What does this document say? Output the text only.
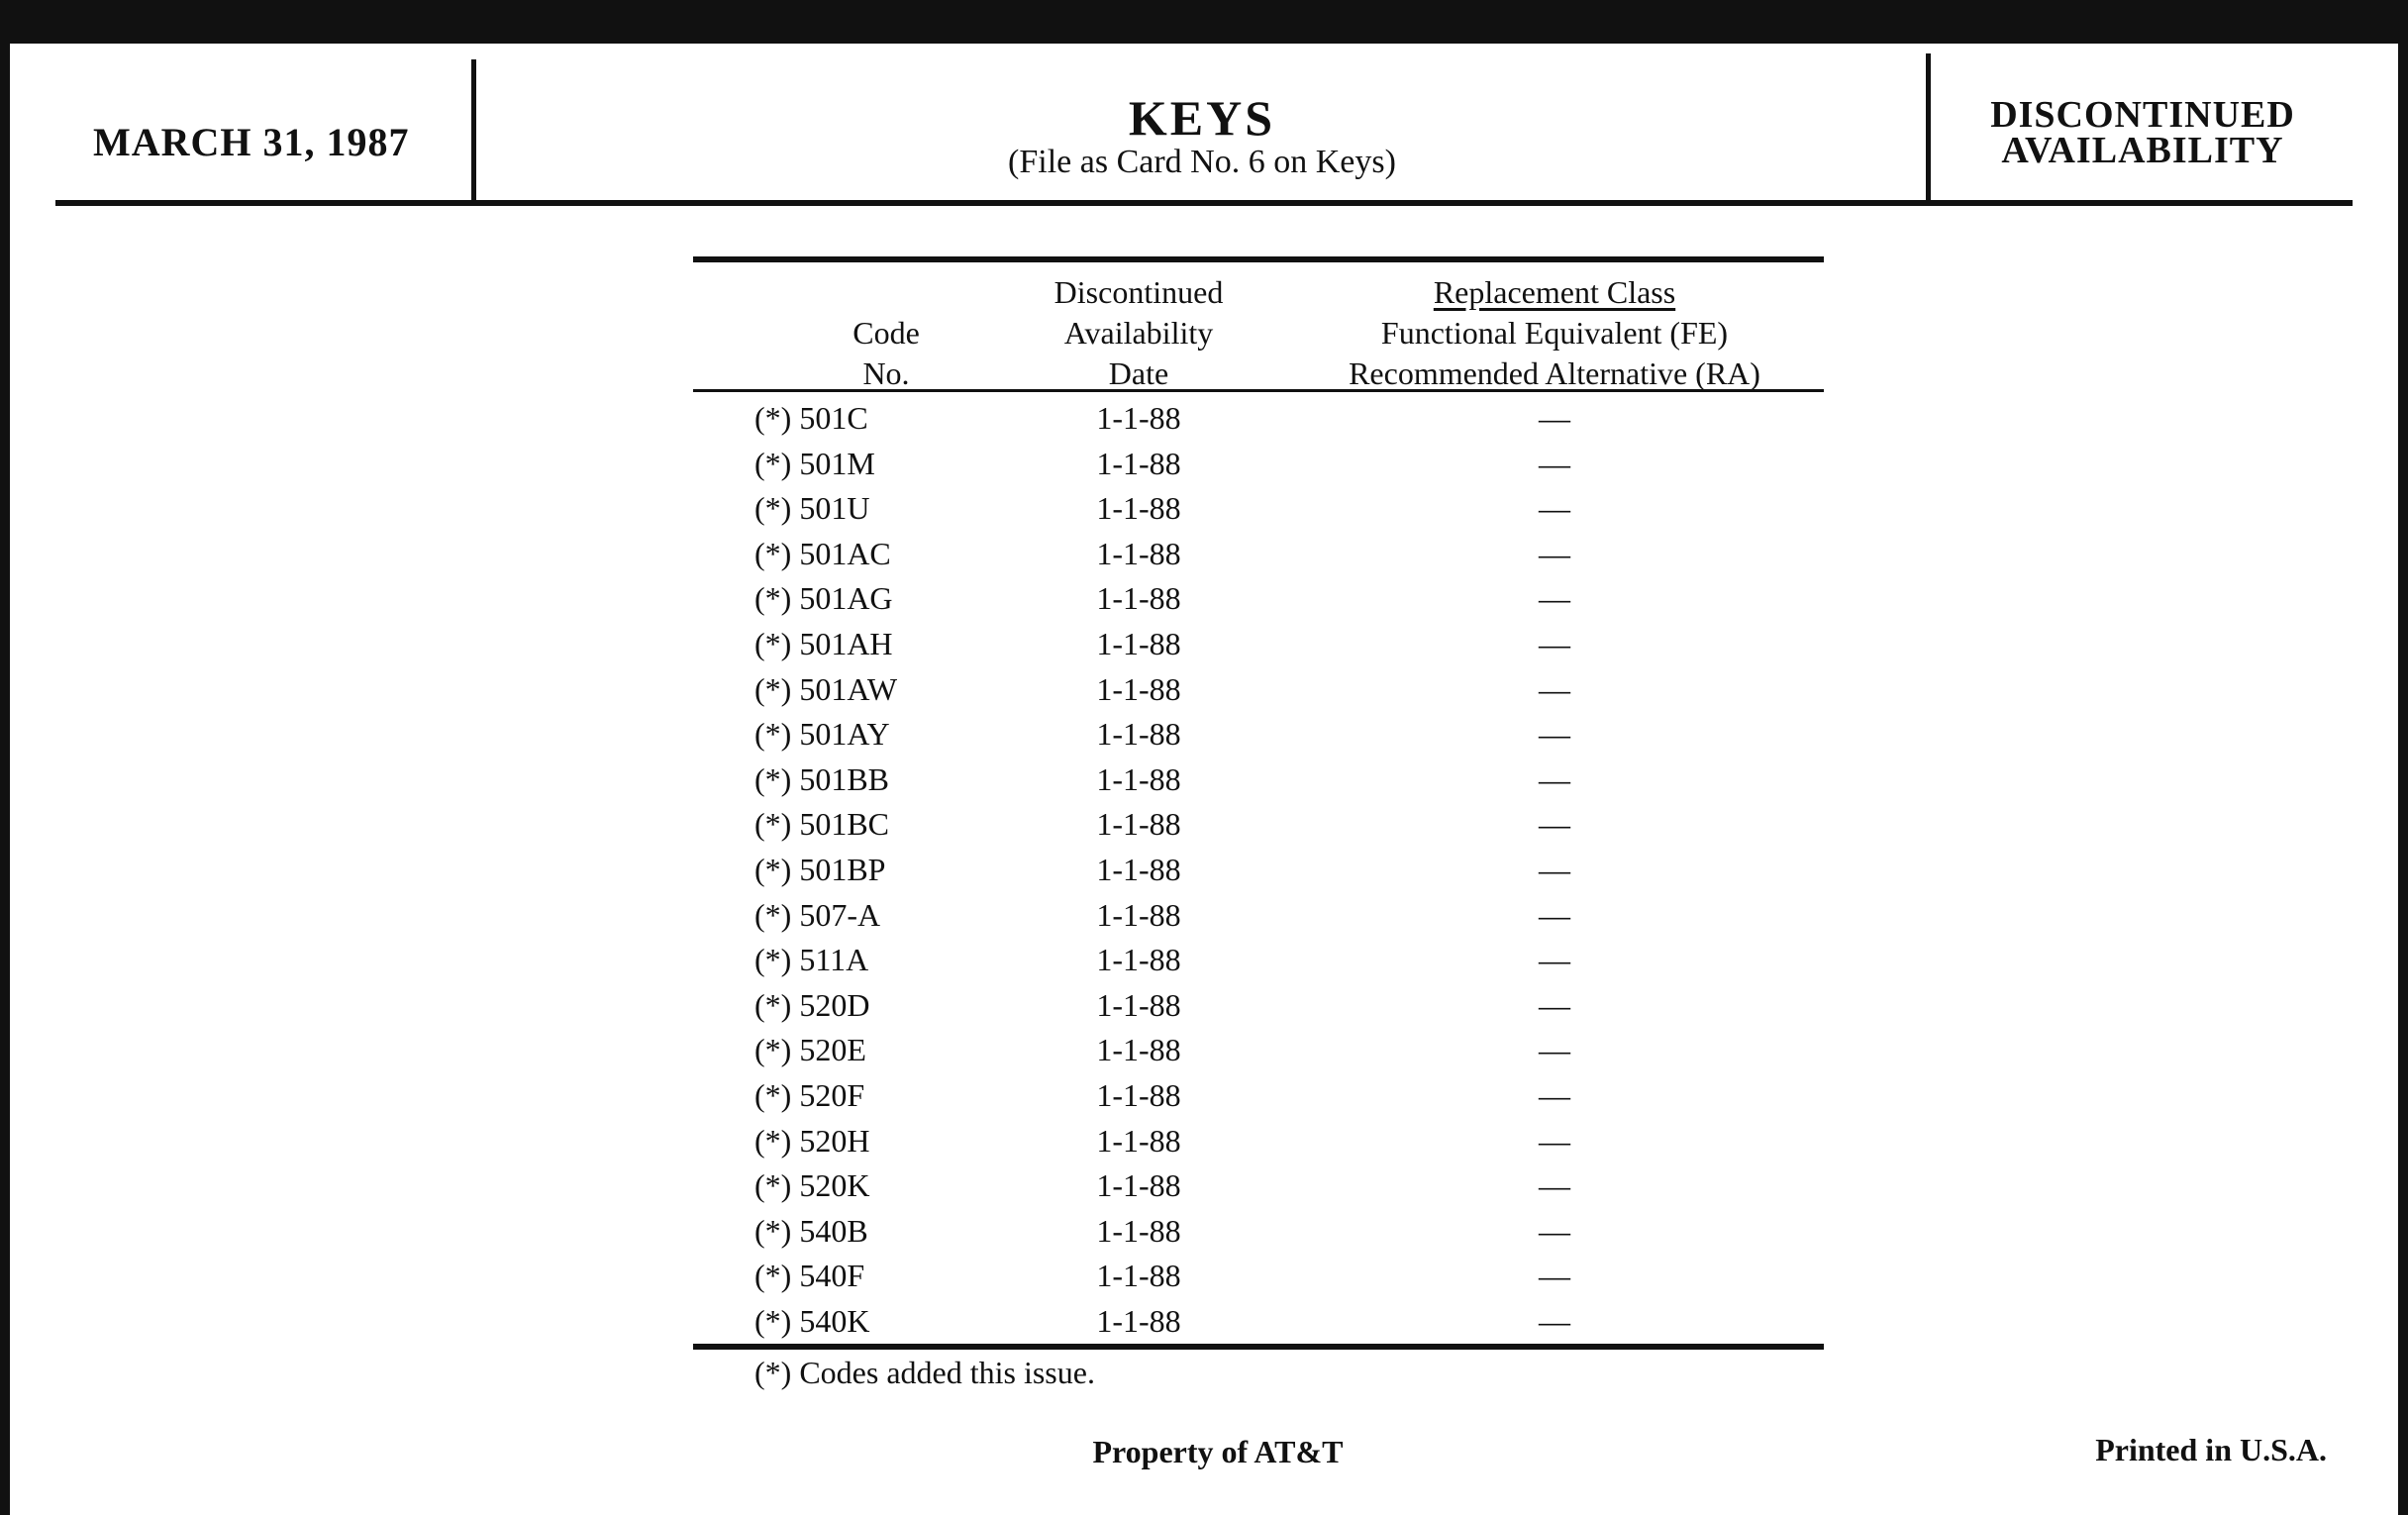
MARCH 31, 1987	KEYS
(File as Card No. 6 on Keys)
DISCONTINUED
AVAILABILITY
Code
No.
Discontinued
Availability
Date
Replacement Class
Functional Equivalent (FE)
Recommended Alternative (RA)
(*) 501C	1-1-88	—
(*) 501M	1-1-88	—
(*) 501U	1-1-88	—
(*) 501AC	1-1-88	—
(*) 501AG	1-1-88	—
(*) 501AH	1-1-88	—
(*) 501AW	1-1-88	—
(*) 501AY	1-1-88	—
(*) 501BB	1-1-88	—
(*) 501BC	1-1-88	—
(*) 501BP	1-1-88	—
(*) 507-A	1-1-88	—
(*) 511A	1-1-88	—
(*) 520D	1-1-88	—
(*) 520E	1-1-88	—
(*) 520F	1-1-88	—
(*) 520H	1-1-88	—
(*) 520K	1-1-88	—
(*) 540B	1-1-88	—
(*) 540F	1-1-88	—
(*) 540K	1-1-88	—
(*) Codes added this issue.
Property of AT&T	Printed in U.S.A.
